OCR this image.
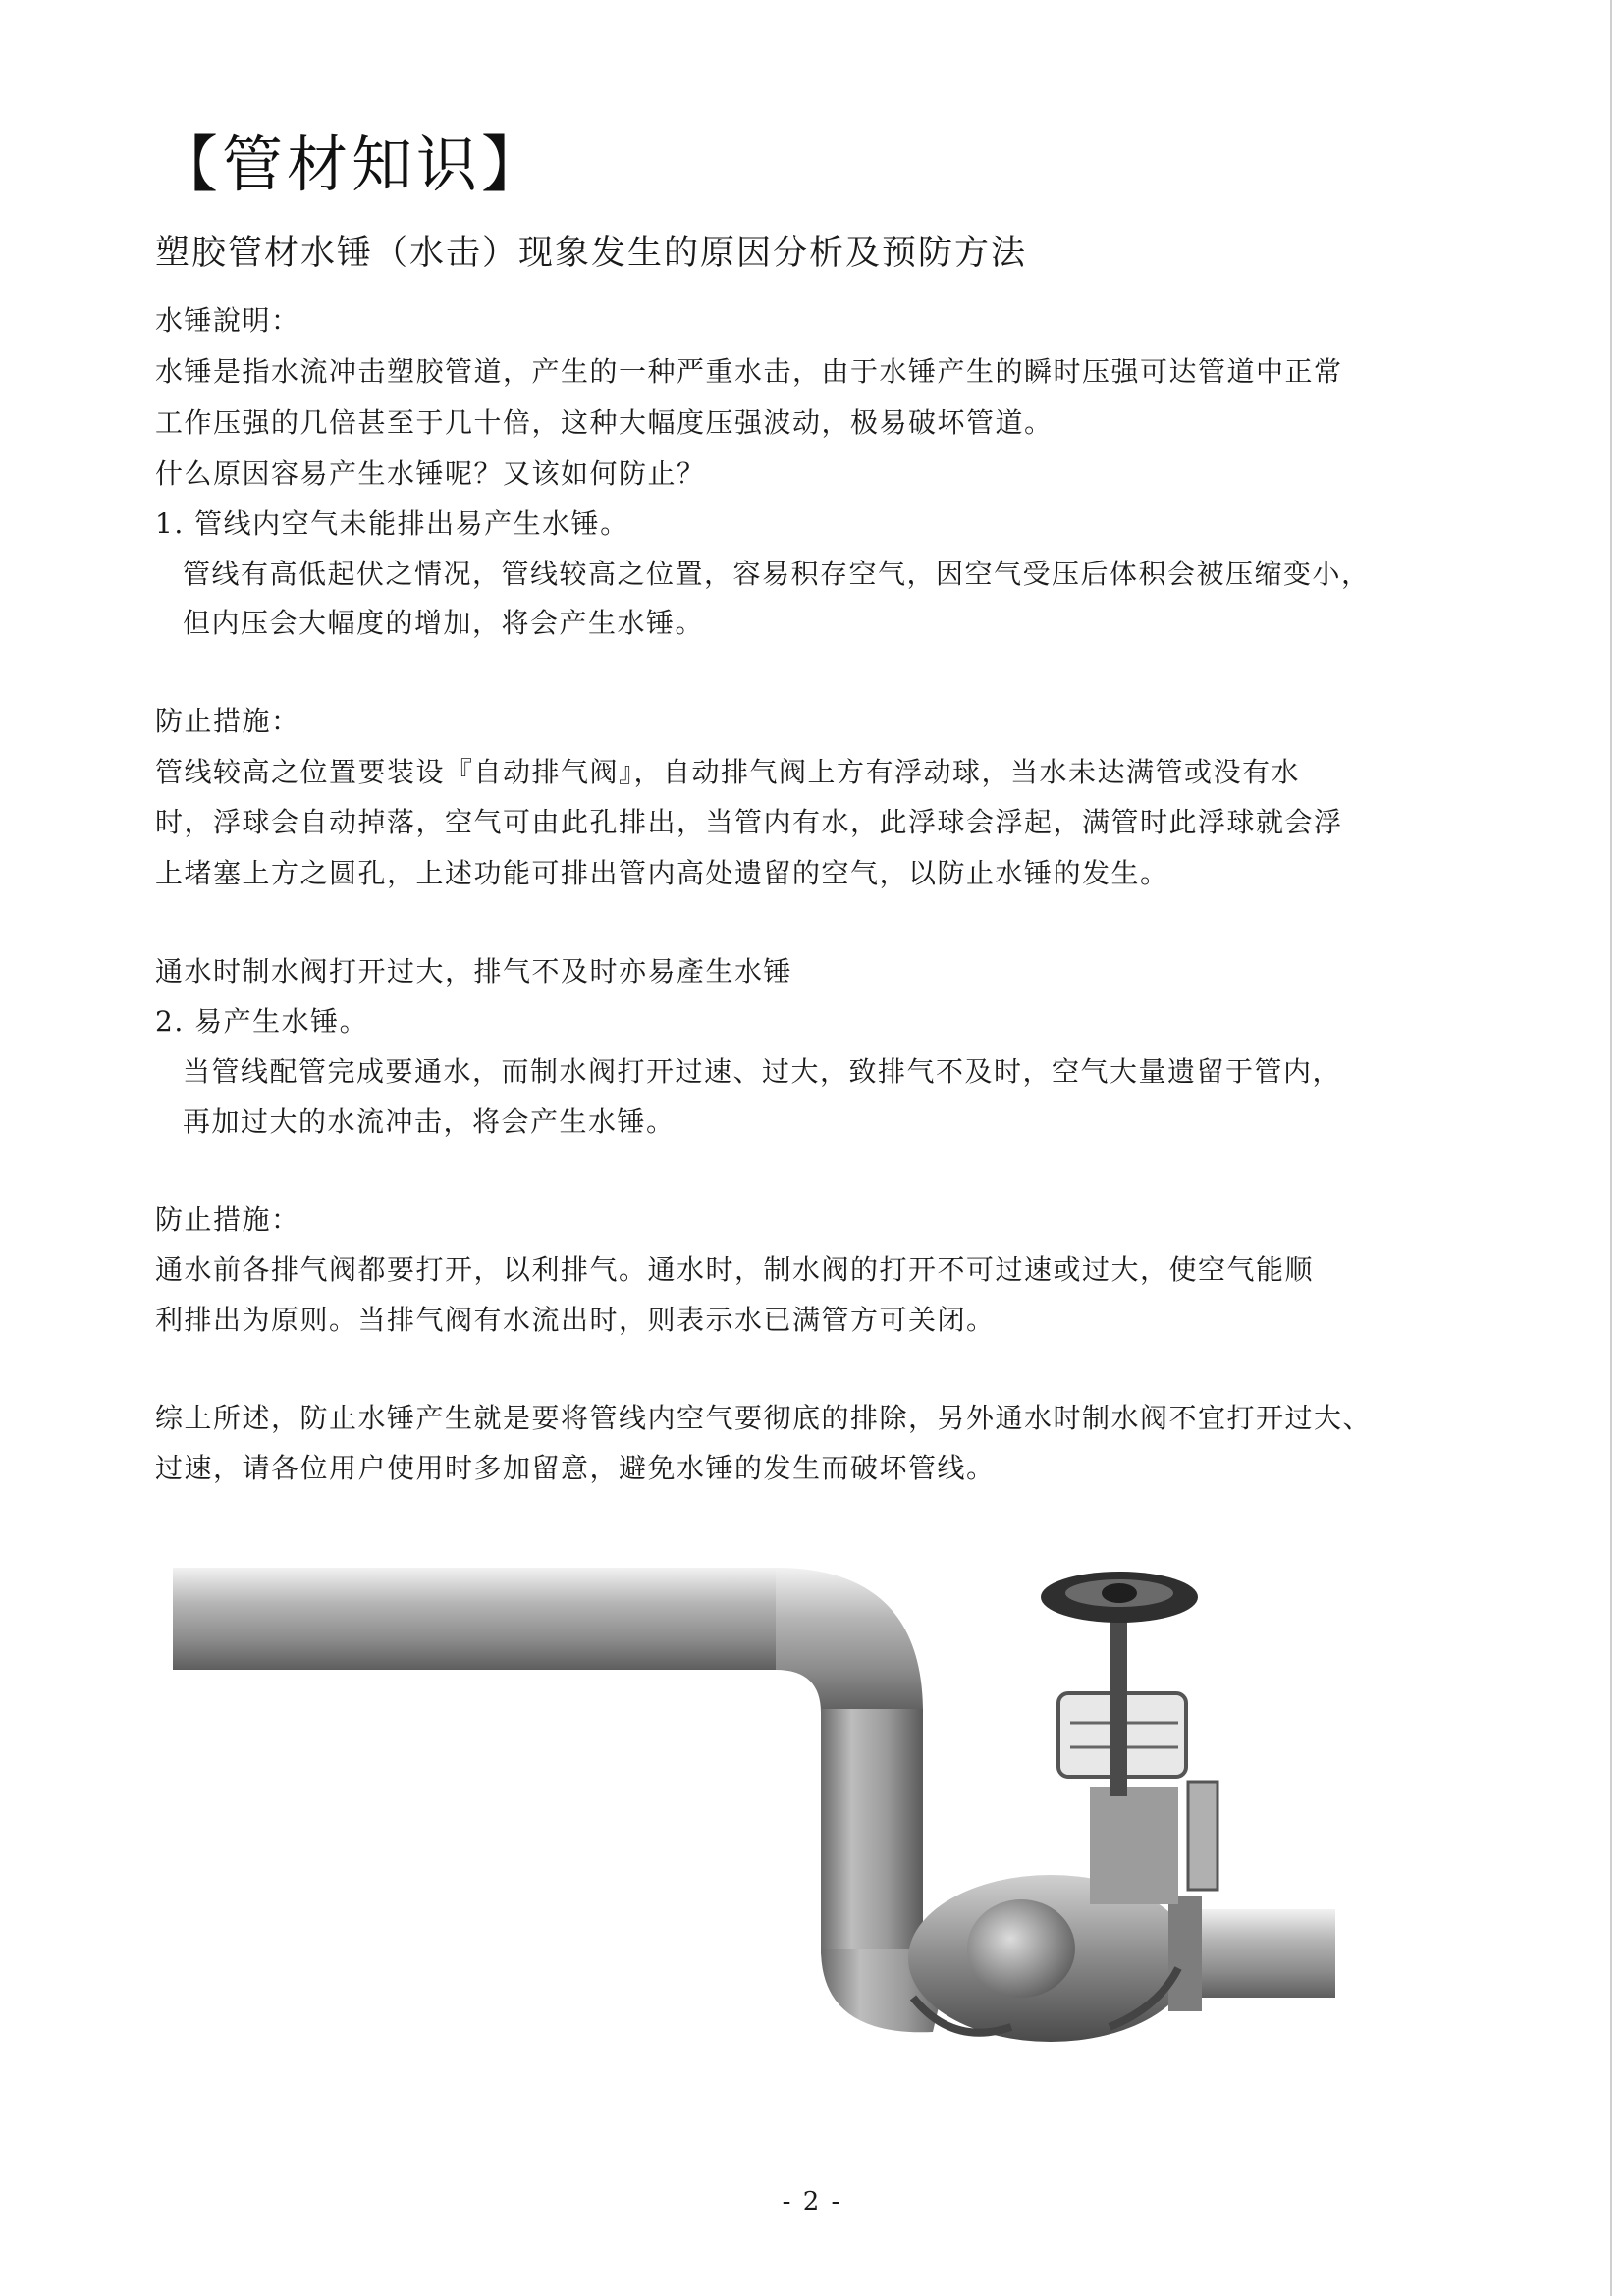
【管材知识】
塑胶管材水锤（水击）现象发生的原因分析及预防方法
水锤說明：
水锤是指水流冲击塑胶管道，产生的一种严重水击，由于水锤产生的瞬时压强可达管道中正常
工作压强的几倍甚至于几十倍，这种大幅度压强波动，极易破坏管道。
什么原因容易产生水锤呢？又该如何防止？
1. 管线内空气未能排出易产生水锤。
管线有高低起伏之情况，管线较高之位置，容易积存空气，因空气受压后体积会被压缩变小，
但内压会大幅度的增加，将会产生水锤。
防止措施：
管线较高之位置要装设『自动排气阀』，自动排气阀上方有浮动球，当水未达满管或没有水
时，浮球会自动掉落，空气可由此孔排出，当管内有水，此浮球会浮起，满管时此浮球就会浮
上堵塞上方之圆孔，上述功能可排出管内高处遗留的空气，以防止水锤的发生。
通水时制水阀打开过大，排气不及时亦易產生水锤
2. 易产生水锤。
当管线配管完成要通水，而制水阀打开过速、过大，致排气不及时，空气大量遗留于管内，
再加过大的水流冲击，将会产生水锤。
防止措施：
通水前各排气阀都要打开，以利排气。通水时，制水阀的打开不可过速或过大，使空气能顺
利排出为原则。当排气阀有水流出时，则表示水已满管方可关闭。
综上所述，防止水锤产生就是要将管线内空气要彻底的排除，另外通水时制水阀不宜打开过大、
过速，请各位用户使用时多加留意，避免水锤的发生而破坏管线。
- 2 -
